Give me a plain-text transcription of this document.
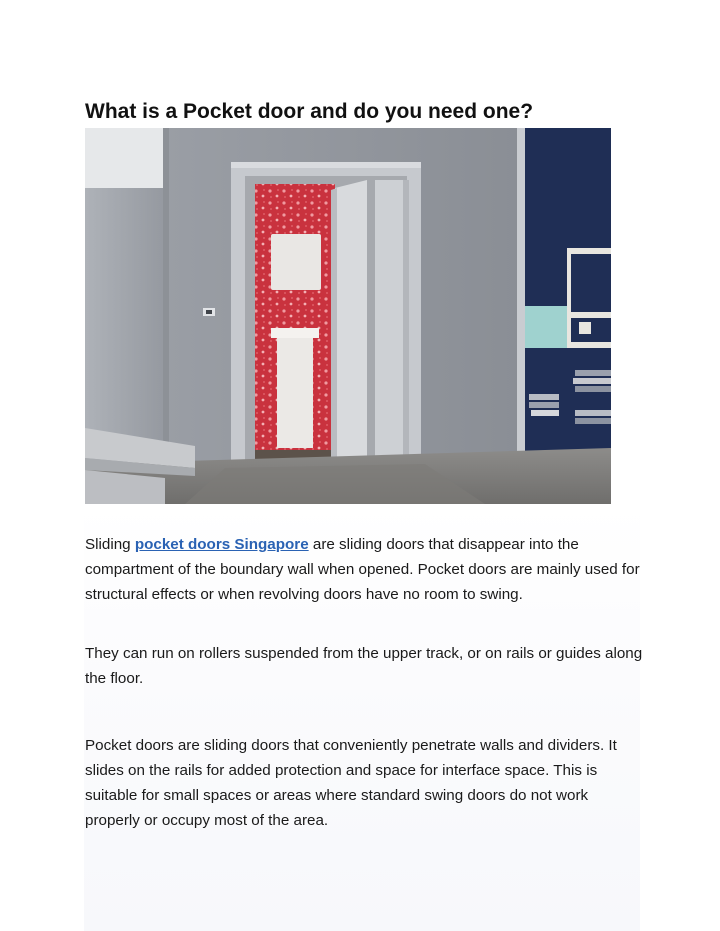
What is a Pocket door and do you need one?

Sliding pocket doors Singapore are sliding doors that disappear into the compartment of the boundary wall when opened. Pocket doors are mainly used for structural effects or when revolving doors have no room to swing.

They can run on rollers suspended from the upper track, or on rails or guides along the floor.

Pocket doors are sliding doors that conveniently penetrate walls and dividers. It slides on the rails for added protection and space for interface space. This is suitable for small spaces or areas where standard swing doors do not work properly or occupy most of the area.
